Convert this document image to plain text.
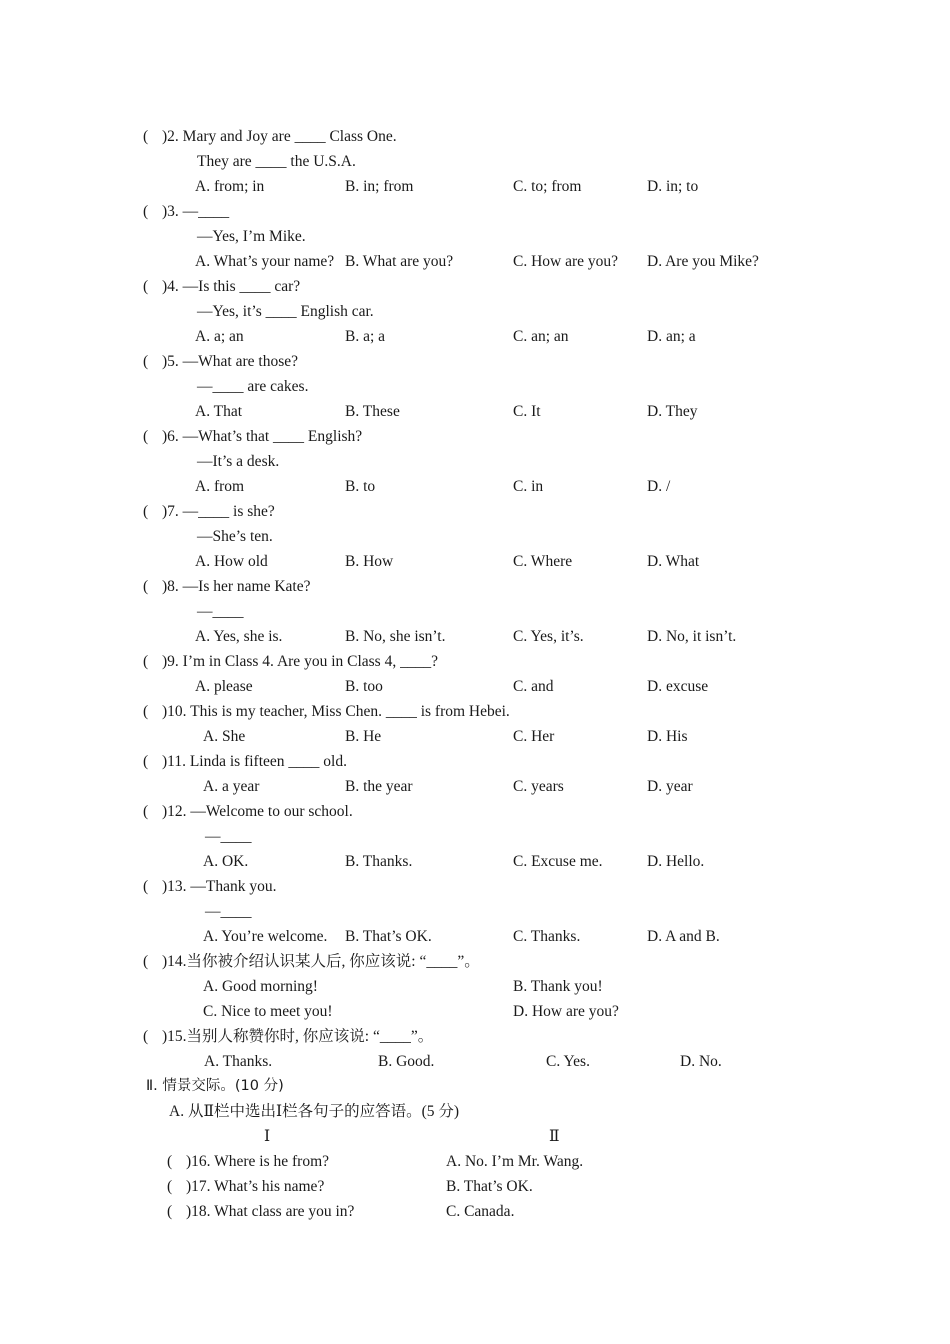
( )2. Mary and Joy are ____ Class One.
They are ____ the U.S.A.
A. from; in	B. in; from	C. to; from	D. in; to
( )3. —____
—Yes, I’m Mike.
A. What’s your name? B. What are you?	C. How are you? D. Are you Mike?
( )4. —Is this ____ car?
—Yes, it’s ____ English car.
A. a; an	B. a; a	C. an; an	D. an; a
( )5. —What are those?
—____ are cakes.
A. That	B. These	C. It	D. They
( )6. —What’s that ____ English?
—It’s a desk.
A. from	B. to	C. in	D. /
( )7. —____ is she?
—She’s ten.
A. How old	B. How	C. Where	D. What
( )8. —Is her name Kate?
—____
A. Yes, she is.	B. No, she isn’t.	C. Yes, it’s.	D. No, it isn’t.
( )9. I’m in Class 4. Are you in Class 4, ____?
A. please	B. too	C. and	D. excuse
( )10. This is my teacher, Miss Chen. ____ is from Hebei.
A. She	B. He	C. Her	D. His
( )11. Linda is fifteen ____ old.
A. a year	B. the year	C. years	D. year
( )12. —Welcome to our school.
—____
A. OK.	B. Thanks.	C. Excuse me.	D. Hello.
( )13. —Thank you.
—____
A. You’re welcome. B. That’s OK.	C. Thanks.	D. A and B.
( )14.当你被介绍认识某人后, 你应该说: “____”。
A. Good morning!	B. Thank you!
C. Nice to meet you!	D. How are you?
( )15.当别人称赞你时, 你应该说: “____”。
A. Thanks.	B. Good.	C. Yes.	D. No.
Ⅱ. 情景交际。(10 分)
A. 从Ⅱ栏中选出Ⅰ栏各句子的应答语。(5 分)
Ⅰ	Ⅱ
( )16. Where is he from?	A. No. I’m Mr. Wang.
( )17. What’s his name?	B. That’s OK.
( )18. What class are you in?	C. Canada.
